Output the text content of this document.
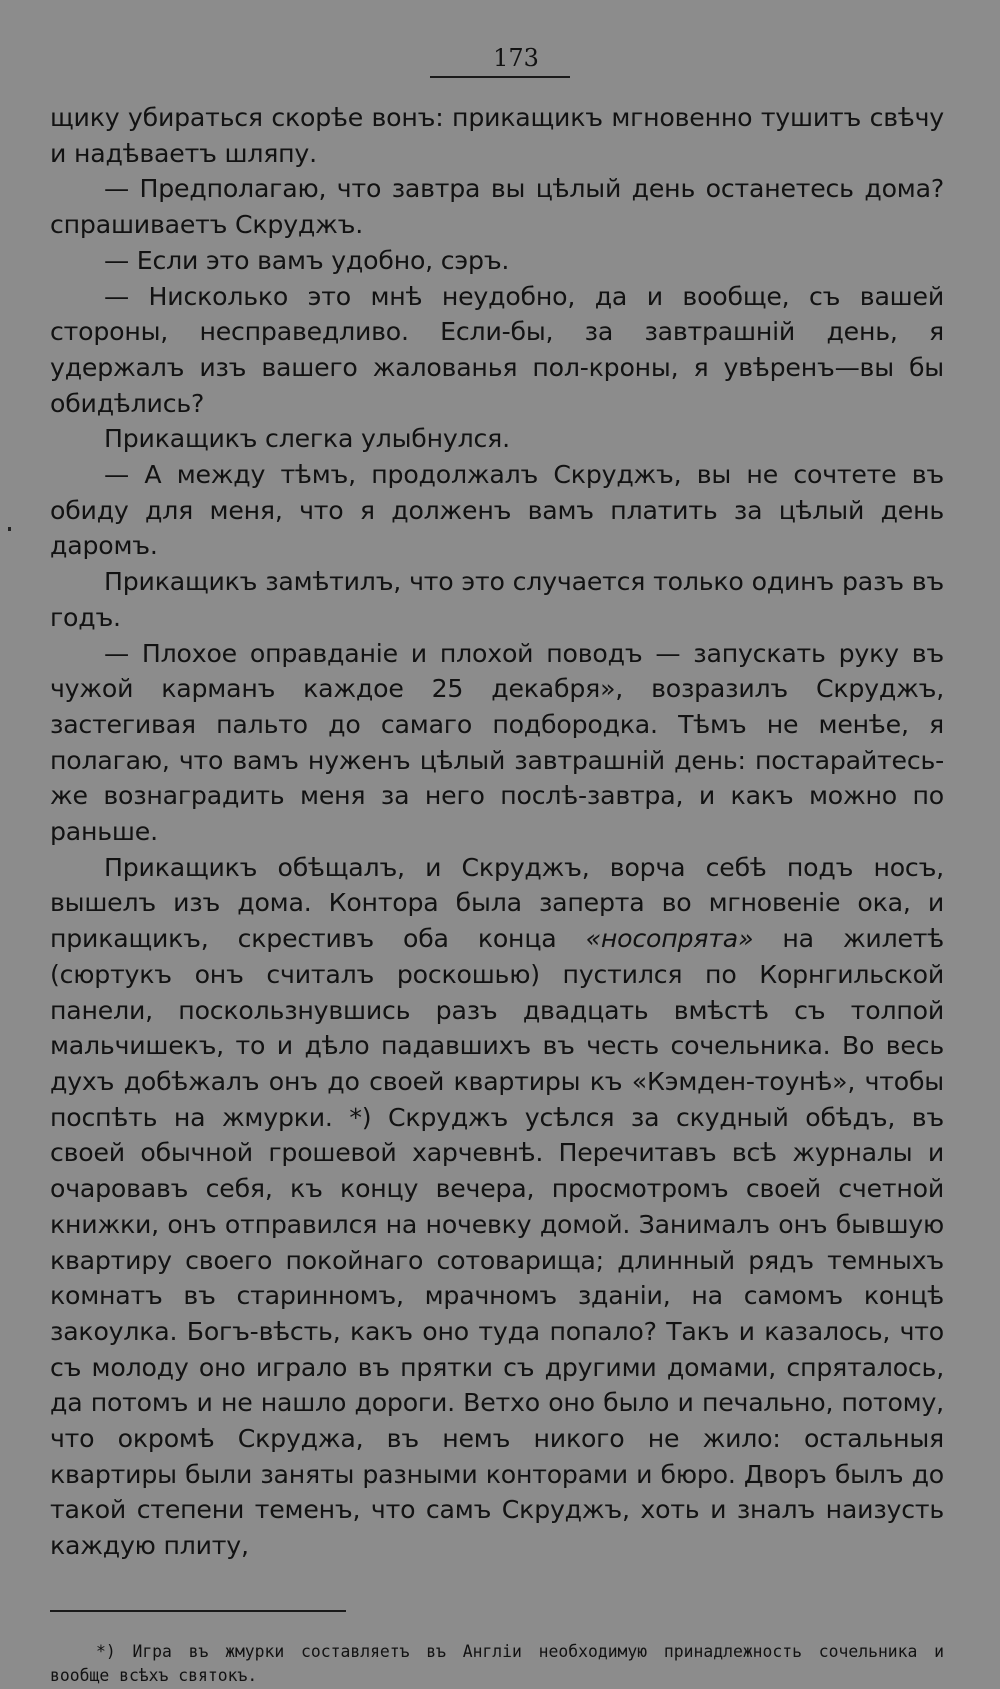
173

щику убираться скорѣе вонъ: прикащикъ мгновенно тушитъ свѣчу и надѣваетъ шляпу.

— Предполагаю, что завтра вы цѣлый день останетесь дома? спрашиваетъ Скруджъ.

— Если это вамъ удобно, сэръ.

— Нисколько это мнѣ неудобно, да и вообще, съ вашей стороны, несправедливо. Если-бы, за завтрашній день, я удержалъ изъ вашего жалованья пол-кроны, я увѣренъ—вы бы обидѣлись?

Прикащикъ слегка улыбнулся.

— А между тѣмъ, продолжалъ Скруджъ, вы не сочтете въ обиду для меня, что я долженъ вамъ платить за цѣлый день даромъ.

Прикащикъ замѣтилъ, что это случается только одинъ разъ въ годъ.

— Плохое оправданіе и плохой поводъ — запускать руку въ чужой карманъ каждое 25 декабря», возразилъ Скруджъ, застегивая пальто до самаго подбородка. Тѣмъ не менѣе, я полагаю, что вамъ нуженъ цѣлый завтрашній день: постарайтесь-же вознаградить меня за него послѣ-завтра, и какъ можно по раньше.

Прикащикъ обѣщалъ, и Скруджъ, ворча себѣ подъ носъ, вышелъ изъ дома. Контора была заперта во мгновеніе ока, и прикащикъ, скрестивъ оба конца «носопрята» на жилетѣ (сюртукъ онъ считалъ роскошью) пустился по Корнгильской панели, поскользнувшись разъ двадцать вмѣстѣ съ толпой мальчишекъ, то и дѣло падавшихъ въ честь сочельника. Во весь духъ добѣжалъ онъ до своей квартиры къ «Кэмден-тоунѣ», чтобы поспѣть на жмурки. *) Скруджъ усѣлся за скудный обѣдъ, въ своей обычной грошевой харчевнѣ. Перечитавъ всѣ журналы и очаровавъ себя, къ концу вечера, просмотромъ своей счетной книжки, онъ отправился на ночевку домой. Занималъ онъ бывшую квартиру своего покойнаго сотоварища; длинный рядъ темныхъ комнатъ въ старинномъ, мрачномъ зданіи, на самомъ концѣ закоулка. Богъ-вѣсть, какъ оно туда попало? Такъ и казалось, что съ молоду оно играло въ прятки съ другими домами, спряталось, да потомъ и не нашло дороги. Ветхо оно было и печально, потому, что окромѣ Скруджа, въ немъ никого не жило: остальныя квартиры были заняты разными конторами и бюро. Дворъ былъ до такой степени теменъ, что самъ Скруджъ, хоть и зналъ наизусть каждую плиту,

*) Игра въ жмурки составляетъ въ Англіи необходимую принадлежность сочельника и вообще всѣхъ святокъ.
